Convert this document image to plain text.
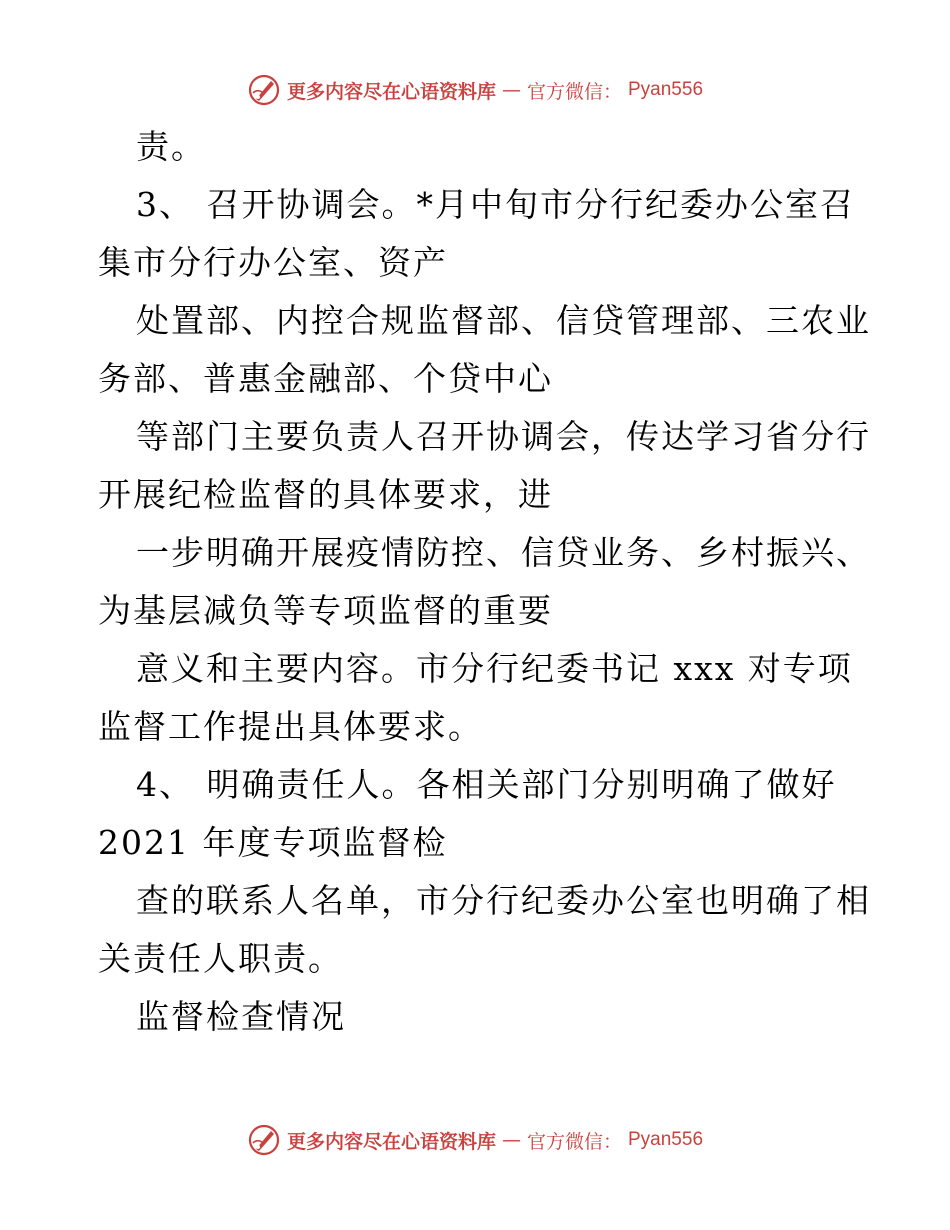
更多内容尽在心语资料库 — 官方微信： Pyan556
责。
3、 召开协调会。*月中旬市分行纪委办公室召
集市分行办公室、资产
处置部、内控合规监督部、信贷管理部、三农业
务部、普惠金融部、个贷中心
等部门主要负责人召开协调会，传达学习省分行
开展纪检监督的具体要求，进
一步明确开展疫情防控、信贷业务、乡村振兴、
为基层减负等专项监督的重要
意义和主要内容。市分行纪委书记 xxx 对专项
监督工作提出具体要求。
4、 明确责任人。各相关部门分别明确了做好
2021 年度专项监督检
查的联系人名单，市分行纪委办公室也明确了相
关责任人职责。
监督检查情况
更多内容尽在心语资料库 — 官方微信： Pyan556
